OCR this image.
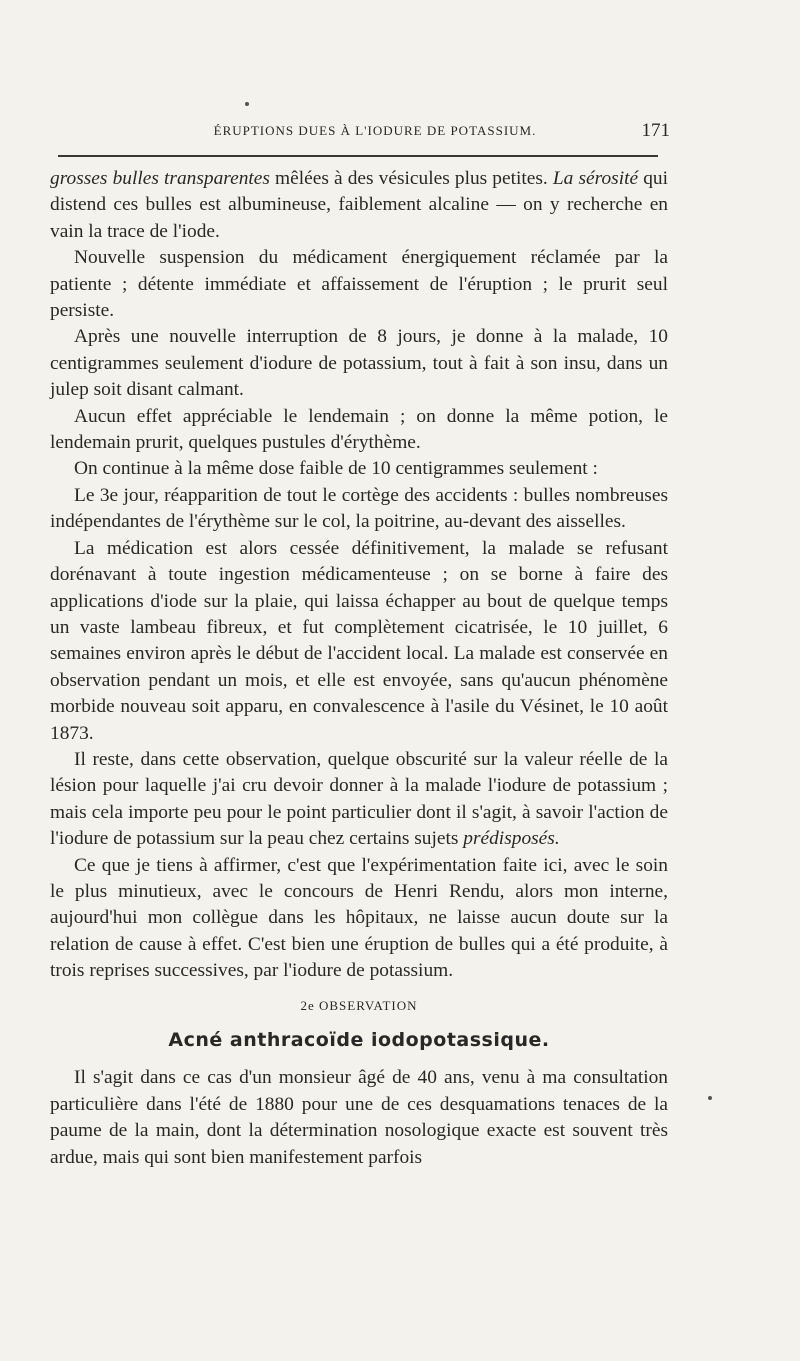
ÉRUPTIONS DUES À L'IODURE DE POTASSIUM.	171

grosses bulles transparentes mêlées à des vésicules plus petites. La sérosité qui distend ces bulles est albumineuse, faiblement alcaline — on y recherche en vain la trace de l'iode.

Nouvelle suspension du médicament énergiquement réclamée par la patiente ; détente immédiate et affaissement de l'éruption ; le prurit seul persiste.

Après une nouvelle interruption de 8 jours, je donne à la malade, 10 centigrammes seulement d'iodure de potassium, tout à fait à son insu, dans un julep soit disant calmant.

Aucun effet appréciable le lendemain ; on donne la même potion, le lendemain prurit, quelques pustules d'érythème.

On continue à la même dose faible de 10 centigrammes seulement :

Le 3e jour, réapparition de tout le cortège des accidents : bulles nombreuses indépendantes de l'érythème sur le col, la poitrine, au-devant des aisselles.

La médication est alors cessée définitivement, la malade se refusant dorénavant à toute ingestion médicamenteuse ; on se borne à faire des applications d'iode sur la plaie, qui laissa échapper au bout de quelque temps un vaste lambeau fibreux, et fut complètement cicatrisée, le 10 juillet, 6 semaines environ après le début de l'accident local. La malade est conservée en observation pendant un mois, et elle est envoyée, sans qu'aucun phénomène morbide nouveau soit apparu, en convalescence à l'asile du Vésinet, le 10 août 1873.

Il reste, dans cette observation, quelque obscurité sur la valeur réelle de la lésion pour laquelle j'ai cru devoir donner à la malade l'iodure de potassium ; mais cela importe peu pour le point particulier dont il s'agit, à savoir l'action de l'iodure de potassium sur la peau chez certains sujets prédisposés.

Ce que je tiens à affirmer, c'est que l'expérimentation faite ici, avec le soin le plus minutieux, avec le concours de Henri Rendu, alors mon interne, aujourd'hui mon collègue dans les hôpitaux, ne laisse aucun doute sur la relation de cause à effet. C'est bien une éruption de bulles qui a été produite, à trois reprises successives, par l'iodure de potassium.

2e OBSERVATION
Acné anthracoïde iodopotassique.

Il s'agit dans ce cas d'un monsieur âgé de 40 ans, venu à ma consultation particulière dans l'été de 1880 pour une de ces desquamations tenaces de la paume de la main, dont la détermination nosologique exacte est souvent très ardue, mais qui sont bien manifestement parfois
